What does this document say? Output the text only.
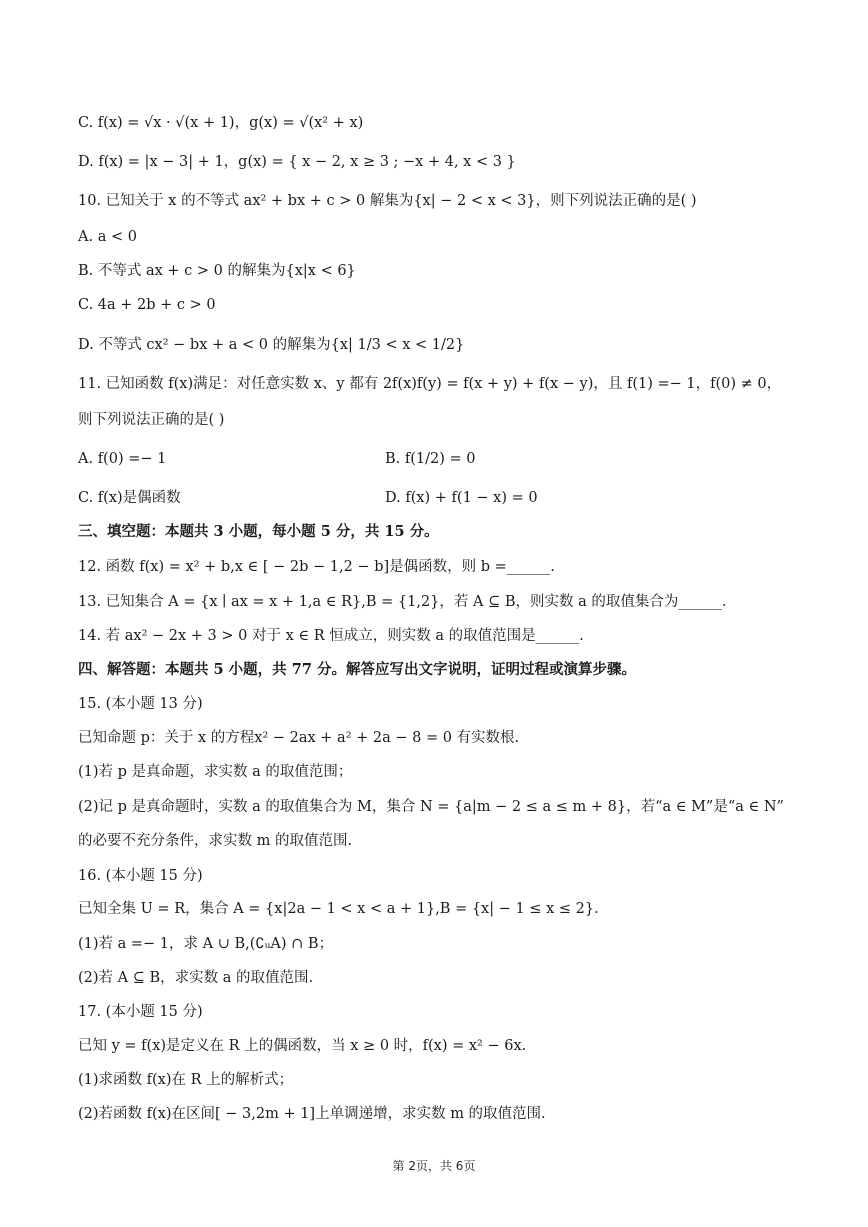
C. f(x) = √x · √(x + 1)，g(x) = √(x² + x)
D. f(x) = |x − 3| + 1，g(x) = { x − 2, x ≥ 3 ; −x + 4, x < 3 }
10. 已知关于 x 的不等式 ax² + bx + c > 0 解集为{x| − 2 < x < 3}，则下列说法正确的是( )
A. a < 0
B. 不等式 ax + c > 0 的解集为{x|x < 6}
C. 4a + 2b + c > 0
D. 不等式 cx² − bx + a < 0 的解集为{x| 1/3 < x < 1/2}
11. 已知函数 f(x)满足：对任意实数 x、y 都有 2f(x)f(y) = f(x + y) + f(x − y)，且 f(1) =− 1，f(0) ≠ 0，
则下列说法正确的是( )
A. f(0) =− 1	B. f(1/2) = 0
C. f(x)是偶函数	D. f(x) + f(1 − x) = 0
三、填空题：本题共 3 小题，每小题 5 分，共 15 分。
12. 函数 f(x) = x² + b,x ∈ [ − 2b − 1,2 − b]是偶函数，则 b =______.
13. 已知集合 A = {x ∣ ax = x + 1,a ∈ R},B = {1,2}，若 A ⊆ B，则实数 a 的取值集合为______.
14. 若 ax² − 2x + 3 > 0 对于 x ∈ R 恒成立，则实数 a 的取值范围是______.
四、解答题：本题共 5 小题，共 77 分。解答应写出文字说明，证明过程或演算步骤。
15. (本小题 13 分)
已知命题 p：关于 x 的方程x² − 2ax + a² + 2a − 8 = 0 有实数根.
(1)若 p 是真命题，求实数 a 的取值范围；
(2)记 p 是真命题时，实数 a 的取值集合为 M，集合 N = {a|m − 2 ≤ a ≤ m + 8}，若“a ∈ M”是“a ∈ N”
的必要不充分条件，求实数 m 的取值范围.
16. (本小题 15 分)
已知全集 U = R，集合 A = {x|2a − 1 < x < a + 1},B = {x| − 1 ≤ x ≤ 2}.
(1)若 a =− 1，求 A ∪ B,(∁ᵤA) ∩ B；
(2)若 A ⊆ B，求实数 a 的取值范围.
17. (本小题 15 分)
已知 y = f(x)是定义在 R 上的偶函数，当 x ≥ 0 时，f(x) = x² − 6x.
(1)求函数 f(x)在 R 上的解析式；
(2)若函数 f(x)在区间[ − 3,2m + 1]上单调递增，求实数 m 的取值范围.
第 2页，共 6页
